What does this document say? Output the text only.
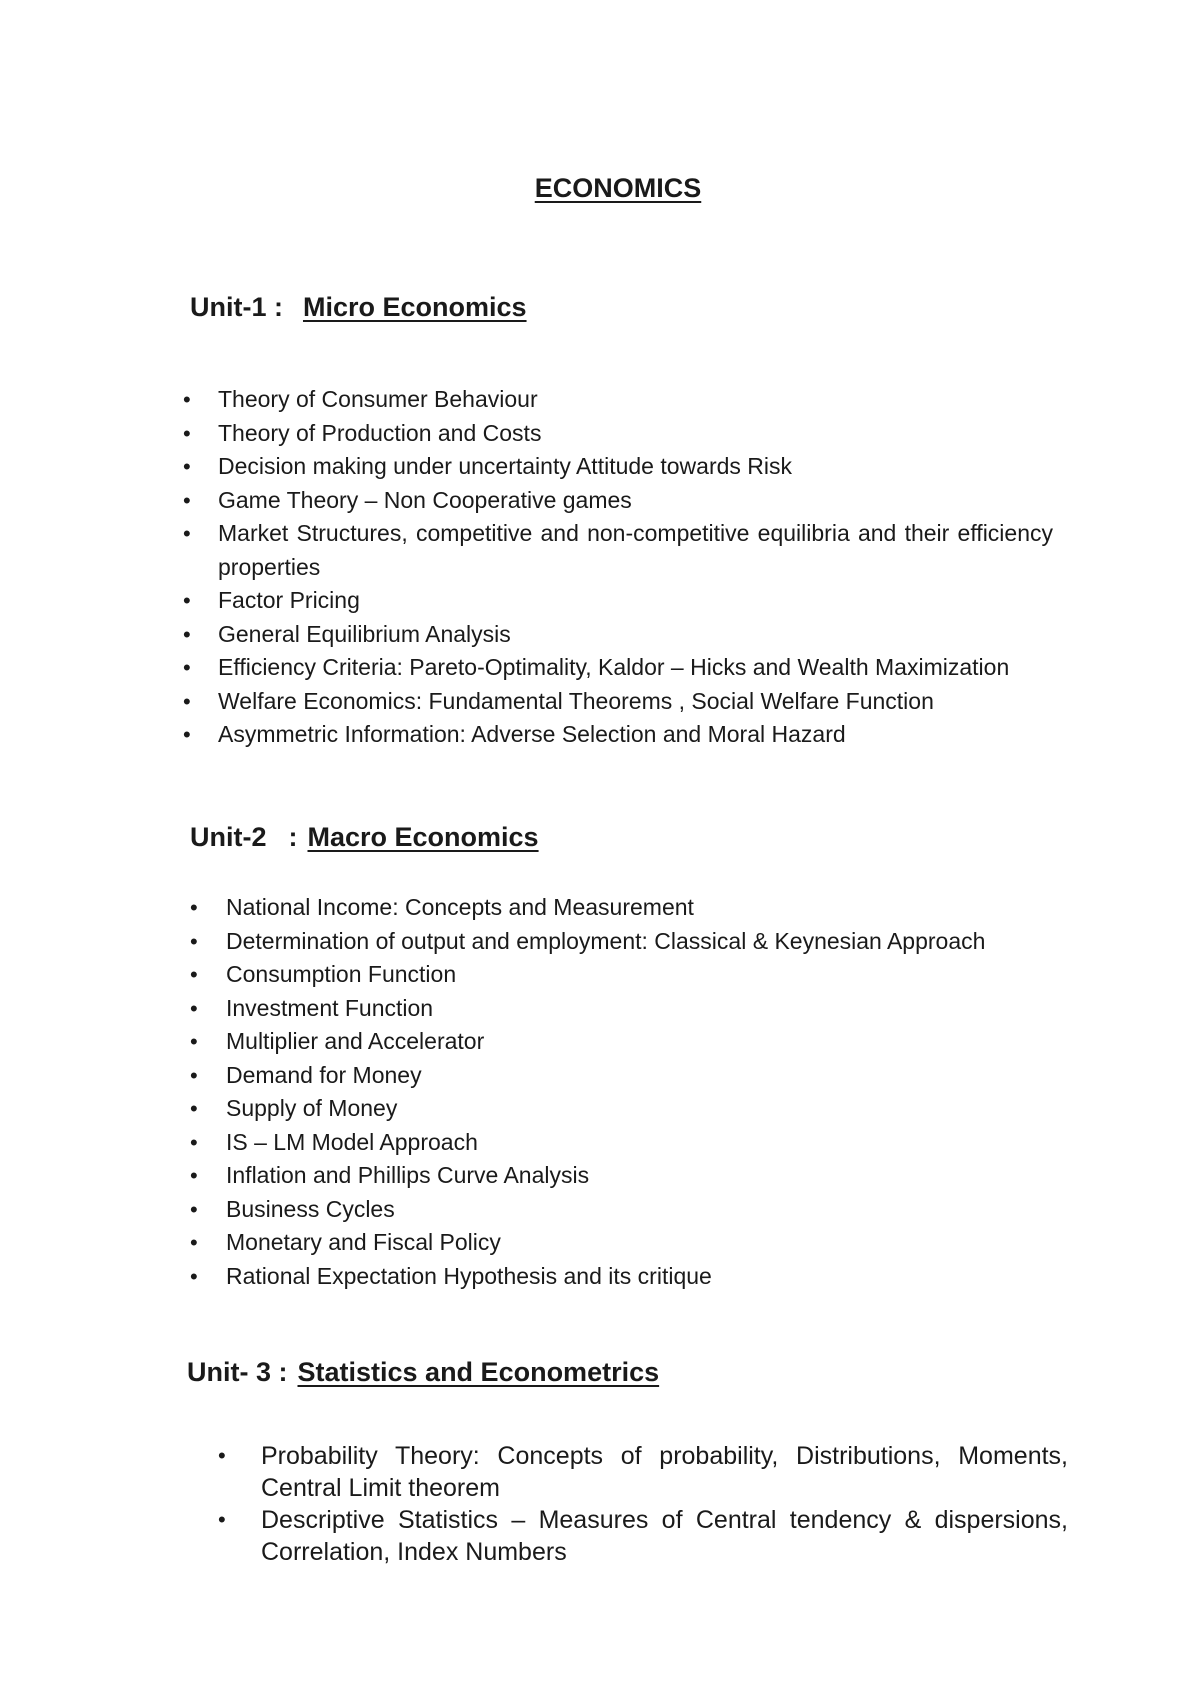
ECONOMICS
Unit-1 : Micro Economics
• Theory of Consumer Behaviour
• Theory of Production and Costs
• Decision making under uncertainty Attitude towards Risk
• Game Theory – Non Cooperative games
• Market Structures, competitive and non-competitive equilibria and their efficiency properties
• Factor Pricing
• General Equilibrium Analysis
• Efficiency Criteria: Pareto-Optimality, Kaldor – Hicks and Wealth Maximization
• Welfare Economics: Fundamental Theorems , Social Welfare Function
• Asymmetric Information: Adverse Selection and Moral Hazard
Unit-2 : Macro Economics
• National Income: Concepts and Measurement
• Determination of output and employment: Classical & Keynesian Approach
• Consumption Function
• Investment Function
• Multiplier and Accelerator
• Demand for Money
• Supply of Money
• IS – LM Model Approach
• Inflation and Phillips Curve Analysis
• Business Cycles
• Monetary and Fiscal Policy
• Rational Expectation Hypothesis and its critique
Unit- 3 : Statistics and Econometrics
• Probability Theory: Concepts of probability, Distributions, Moments, Central Limit theorem
• Descriptive Statistics – Measures of Central tendency & dispersions, Correlation, Index Numbers
